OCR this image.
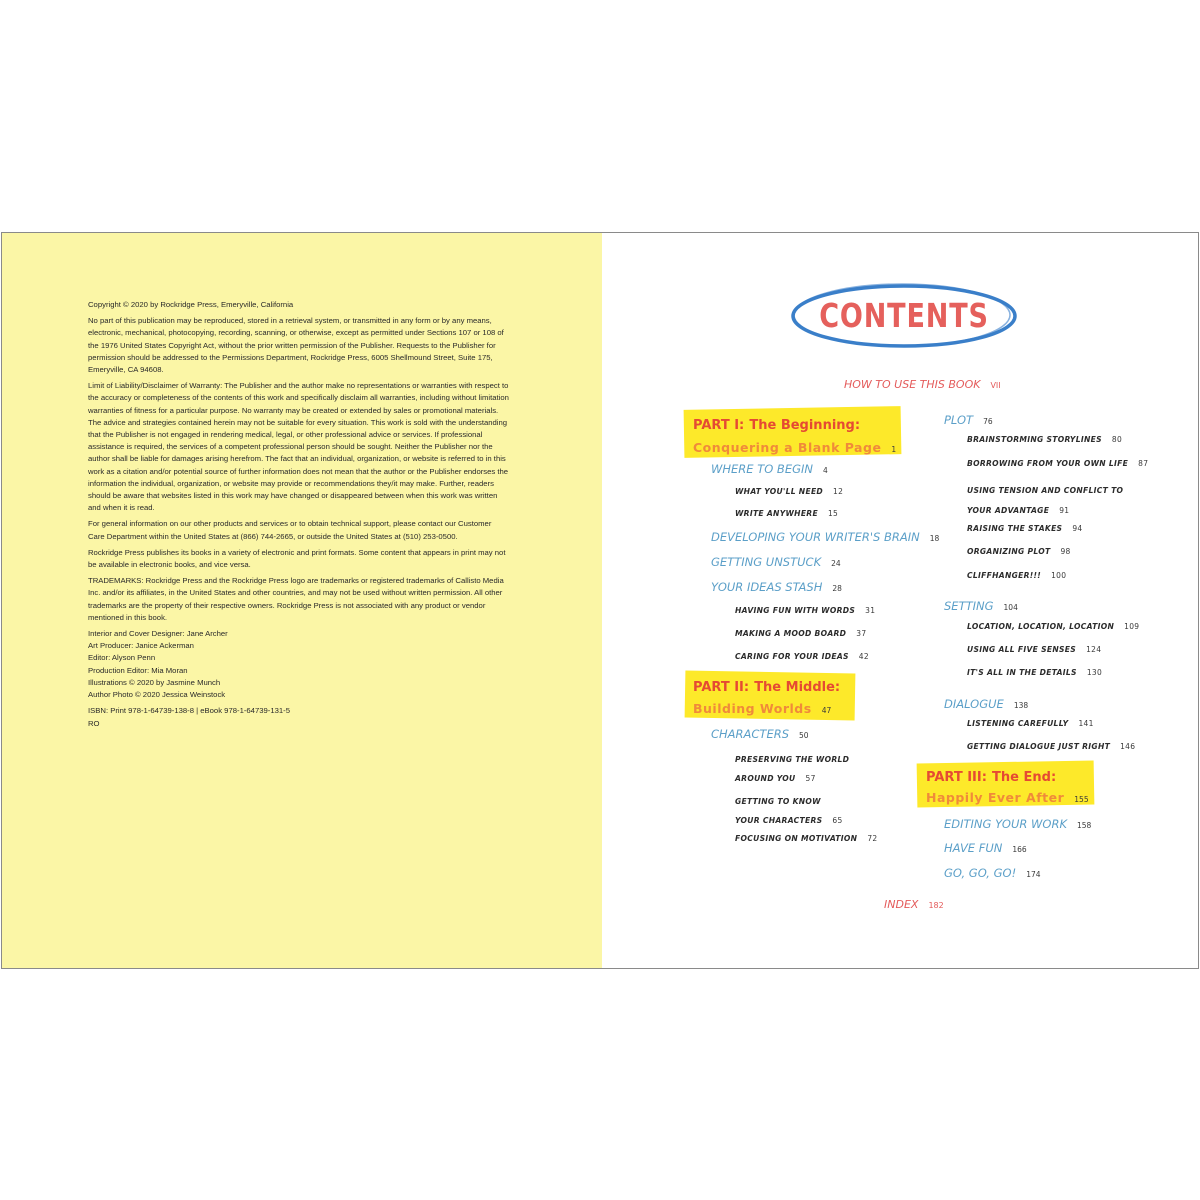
Copyright © 2020 by Rockridge Press, Emeryville, California

No part of this publication may be reproduced, stored in a retrieval system, or transmitted in any form or by any means, electronic, mechanical, photocopying, recording, scanning, or otherwise, except as permitted under Sections 107 or 108 of the 1976 United States Copyright Act, without the prior written permission of the Publisher. Requests to the Publisher for permission should be addressed to the Permissions Department, Rockridge Press, 6005 Shellmound Street, Suite 175, Emeryville, CA 94608.

Limit of Liability/Disclaimer of Warranty: The Publisher and the author make no representations or warranties with respect to the accuracy or completeness of the contents of this work and specifically disclaim all warranties, including without limitation warranties of fitness for a particular purpose. No warranty may be created or extended by sales or promotional materials. The advice and strategies contained herein may not be suitable for every situation. This work is sold with the understanding that the Publisher is not engaged in rendering medical, legal, or other professional advice or services. If professional assistance is required, the services of a competent professional person should be sought. Neither the Publisher nor the author shall be liable for damages arising herefrom. The fact that an individual, organization, or website is referred to in this work as a citation and/or potential source of further information does not mean that the author or the Publisher endorses the information the individual, organization, or website may provide or recommendations they/it may make. Further, readers should be aware that websites listed in this work may have changed or disappeared between when this work was written and when it is read.

For general information on our other products and services or to obtain technical support, please contact our Customer Care Department within the United States at (866) 744-2665, or outside the United States at (510) 253-0500.

Rockridge Press publishes its books in a variety of electronic and print formats. Some content that appears in print may not be available in electronic books, and vice versa.

TRADEMARKS: Rockridge Press and the Rockridge Press logo are trademarks or registered trademarks of Callisto Media Inc. and/or its affiliates, in the United States and other countries, and may not be used without written permission. All other trademarks are the property of their respective owners. Rockridge Press is not associated with any product or vendor mentioned in this book.

Interior and Cover Designer: Jane Archer

Art Producer: Janice Ackerman

Editor: Alyson Penn

Production Editor: Mia Moran

Illustrations © 2020 by Jasmine Munch

Author Photo © 2020 Jessica Weinstock

ISBN: Print 978-1-64739-138-8 | eBook 978-1-64739-131-5

RO

CONTENTS
HOW TO USE THIS BOOK VII
PART I: The Beginning:
Conquering a Blank Page 1
WHERE TO BEGIN 4
WHAT YOU'LL NEED 12
WRITE ANYWHERE 15
DEVELOPING YOUR WRITER'S BRAIN 18
GETTING UNSTUCK 24
YOUR IDEAS STASH 28
HAVING FUN WITH WORDS 31
MAKING A MOOD BOARD 37
CARING FOR YOUR IDEAS 42
PART II: The Middle:
Building Worlds 47
CHARACTERS 50
PRESERVING THE WORLD
AROUND YOU 57
GETTING TO KNOW
YOUR CHARACTERS 65
FOCUSING ON MOTIVATION 72
PLOT 76
BRAINSTORMING STORYLINES 80
BORROWING FROM YOUR OWN LIFE 87
USING TENSION AND CONFLICT TO
YOUR ADVANTAGE 91
RAISING THE STAKES 94
ORGANIZING PLOT 98
CLIFFHANGER!!! 100
SETTING 104
LOCATION, LOCATION, LOCATION 109
USING ALL FIVE SENSES 124
IT'S ALL IN THE DETAILS 130
DIALOGUE 138
LISTENING CAREFULLY 141
GETTING DIALOGUE JUST RIGHT 146
PART III: The End:
Happily Ever After 155
EDITING YOUR WORK 158
HAVE FUN 166
GO, GO, GO! 174
INDEX 182
